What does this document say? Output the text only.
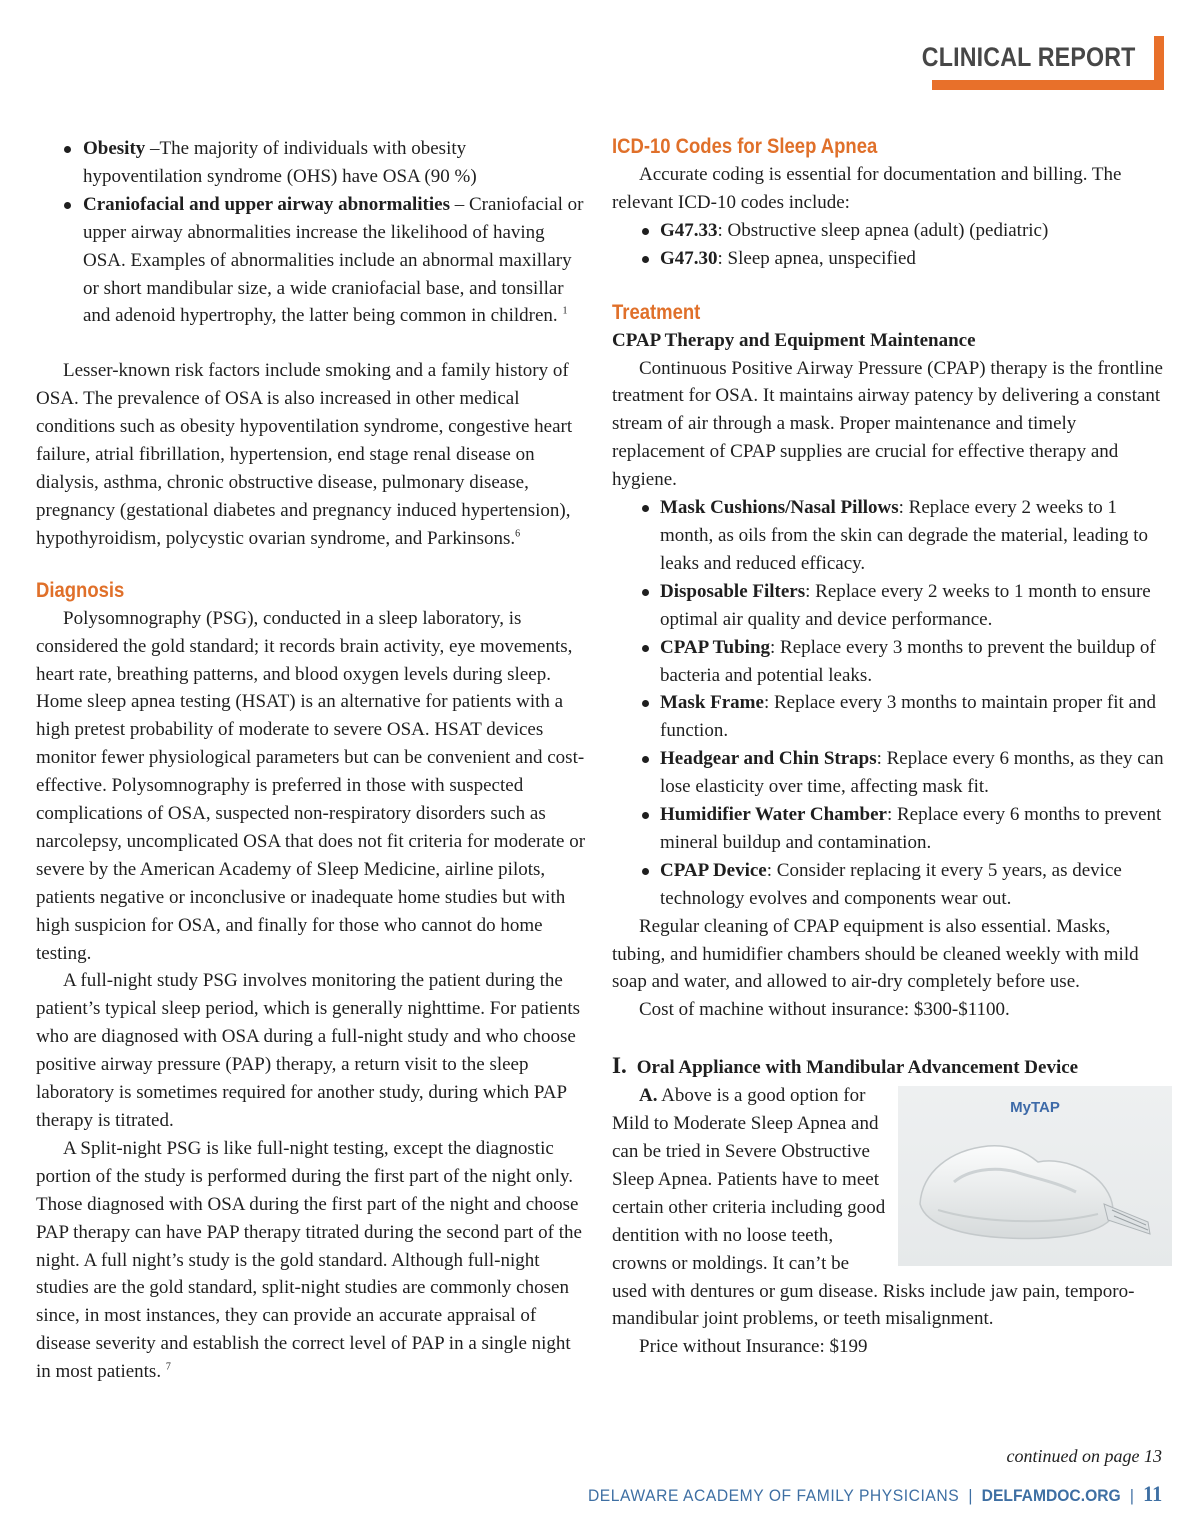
CLINICAL REPORT
Obesity –The majority of individuals with obesity hypoventilation syndrome (OHS) have OSA (90 %)
Craniofacial and upper airway abnormalities – Craniofacial or upper airway abnormalities increase the likelihood of having OSA. Examples of abnormalities include an abnormal maxillary or short mandibular size, a wide craniofacial base, and tonsillar and adenoid hypertrophy, the latter being common in children. $^1$

Lesser-known risk factors include smoking and a family history of OSA. The prevalence of OSA is also increased in other medical conditions such as obesity hypoventilation syndrome, congestive heart failure, atrial fibrillation, hypertension, end stage renal disease on dialysis, asthma, chronic obstructive disease, pulmonary disease, pregnancy (gestational diabetes and pregnancy induced hypertension), hypothyroidism, polycystic ovarian syndrome, and Parkinsons.$^6$

Diagnosis

Polysomnography (PSG), conducted in a sleep laboratory, is considered the gold standard; it records brain activity, eye movements, heart rate, breathing patterns, and blood oxygen levels during sleep. Home sleep apnea testing (HSAT) is an alternative for patients with a high pretest probability of moderate to severe OSA. HSAT devices monitor fewer physiological parameters but can be convenient and cost-effective. Polysomnography is preferred in those with suspected complications of OSA, suspected non-respiratory disorders such as narcolepsy, uncomplicated OSA that does not fit criteria for moderate or severe by the American Academy of Sleep Medicine, airline pilots, patients negative or inconclusive or inadequate home studies but with high suspicion for OSA, and finally for those who cannot do home testing.

A full-night study PSG involves monitoring the patient during the patient’s typical sleep period, which is generally nighttime. For patients who are diagnosed with OSA during a full-night study and who choose positive airway pressure (PAP) therapy, a return visit to the sleep laboratory is sometimes required for another study, during which PAP therapy is titrated.

A Split-night PSG is like full-night testing, except the diagnostic portion of the study is performed during the first part of the night only. Those diagnosed with OSA during the first part of the night and choose PAP therapy can have PAP therapy titrated during the second part of the night. A full night’s study is the gold standard. Although full-night studies are the gold standard, split-night studies are commonly chosen since, in most instances, they can provide an accurate appraisal of disease severity and establish the correct level of PAP in a single night in most patients. $^7$

ICD-10 Codes for Sleep Apnea

Accurate coding is essential for documentation and billing. The relevant ICD-10 codes include:

G47.33: Obstructive sleep apnea (adult) (pediatric)
G47.30: Sleep apnea, unspecified
Treatment

CPAP Therapy and Equipment Maintenance

Continuous Positive Airway Pressure (CPAP) therapy is the frontline treatment for OSA. It maintains airway patency by delivering a constant stream of air through a mask. Proper maintenance and timely replacement of CPAP supplies are crucial for effective therapy and hygiene.

Mask Cushions/Nasal Pillows: Replace every 2 weeks to 1 month, as oils from the skin can degrade the material, leading to leaks and reduced efficacy.
Disposable Filters: Replace every 2 weeks to 1 month to ensure optimal air quality and device performance.
CPAP Tubing: Replace every 3 months to prevent the buildup of bacteria and potential leaks.
Mask Frame: Replace every 3 months to maintain proper fit and function.
Headgear and Chin Straps: Replace every 6 months, as they can lose elasticity over time, affecting mask fit.
Humidifier Water Chamber: Replace every 6 months to prevent mineral buildup and contamination.
CPAP Device: Consider replacing it every 5 years, as device technology evolves and components wear out.

Regular cleaning of CPAP equipment is also essential. Masks, tubing, and humidifier chambers should be cleaned weekly with mild soap and water, and allowed to air-dry completely before use.

Cost of machine without insurance: $300-$1100.

I. Oral Appliance with Mandibular Advancement Device

MyTAP

A. Above is a good option for Mild to Moderate Sleep Apnea and can be tried in Severe Obstructive Sleep Apnea. Patients have to meet certain other criteria including good dentition with no loose teeth, crowns or moldings. It can’t be used with dentures or gum disease. Risks include jaw pain, temporo-mandibular joint problems, or teeth misalignment.

Price without Insurance: $199

continued on page 13
DELAWARE ACADEMY OF FAMILY PHYSICIANS | DELFAMDOC.ORG | 11
